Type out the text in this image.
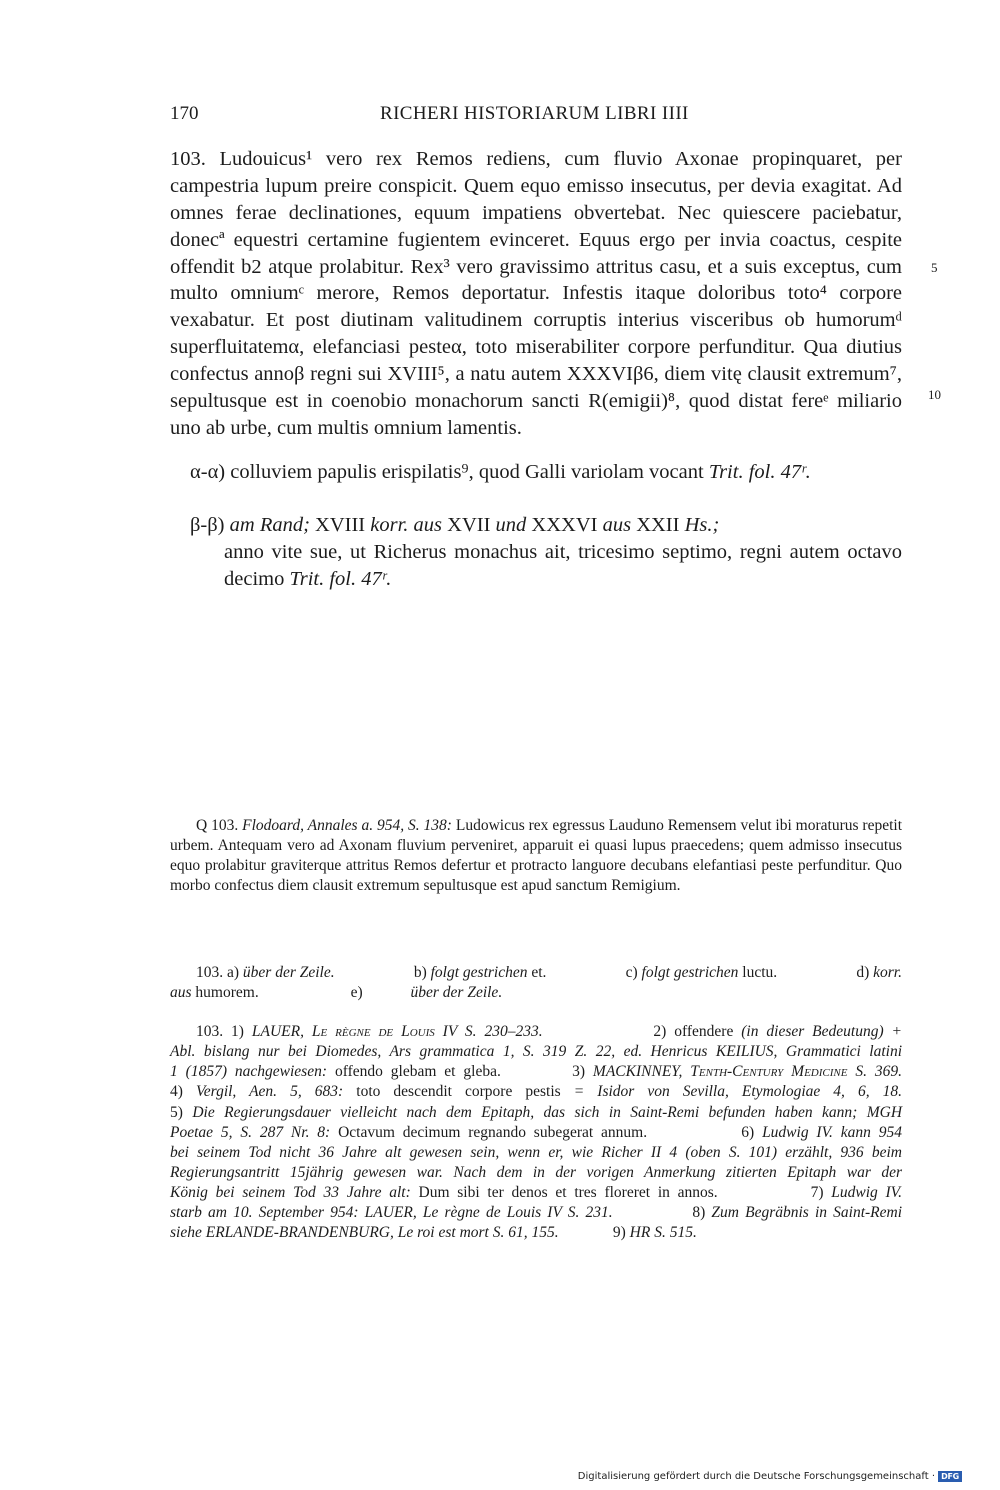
170	RICHERI HISTORIARUM LIBRI IIII
103. Ludouicus¹ vero rex Remos rediens, cum fluvio Axonae propinquaret, per
campestria lupum preire conspicit. Quem equo emisso insecutus, per devia exagitat. Ad
omnes ferae declinationes, equum impatiens obvertebat. Nec quiescere paciebatur,
donecª equestri certamine fugientem evinceret. Equus ergo per invia coactus, cespite
offendit b2 atque prolabitur. Rex³ vero gravissimo attritus casu, et a suis exceptus, cum
multo omniumᶜ merore, Remos deportatur. Infestis itaque doloribus toto⁴ corpore
vexabatur. Et post diutinam valitudinem corruptis interius visceribus ob humorumᵈ
superfluitatemα, elefanciasi pesteα, toto miserabiliter corpore perfunditur. Qua diutius
confectus annoβ regni sui XVIII⁵, a natu autem XXXVIβ6, diem vitę clausit extremum⁷,
sepultusque est in coenobio monachorum sancti R(emigii)⁸, quod distat fereᵉ miliario
uno ab urbe, cum multis omnium lamentis.
5
10
α-α) colluviem papulis erispilatis⁹, quod Galli variolam vocant Trit. fol. 47ʳ.
β-β) am Rand; XVIII korr. aus XVII und XXXVI aus XXII Hs.;
anno vite sue, ut Richerus monachus ait, tricesimo septimo, regni autem octavo decimo Trit. fol. 47ʳ.
Q 103. Flodoard, Annales a. 954, S. 138: Ludowicus rex egressus Lauduno Remensem velut ibi moraturus repetit urbem. Antequam vero ad Axonam fluvium perveniret, apparuit ei quasi lupus praecedens; quem admisso insecutus equo prolabitur graviterque attritus Remos defertur et protracto languore decubans elefantiasi peste perfunditur. Quo morbo confectus diem clausit extremum sepultusque est apud sanctum Remigium.
103. a) über der Zeile.	b) folgt gestrichen et.	c) folgt gestrichen luctu.	d) korr.
aus humorem.	e)	über der Zeile.
103. 1) LAUER, Le règne de Louis IV S. 230–233.	2) offendere (in dieser Bedeutung) +
Abl. bislang nur bei Diomedes, Ars grammatica 1, S. 319 Z. 22, ed. Henricus KEILIUS, Grammatici latini
1 (1857) nachgewiesen: offendo glebam et gleba.	3) MACKINNEY, Tenth-Century Medicine S. 369.
4) Vergil, Aen. 5, 683: toto descendit corpore pestis = Isidor von Sevilla, Etymologiae 4, 6, 18.
5) Die Regierungsdauer vielleicht nach dem Epitaph, das sich in Saint-Remi befunden haben kann; MGH
Poetae 5, S. 287 Nr. 8: Octavum decimum regnando subegerat annum.	6) Ludwig IV. kann 954
bei seinem Tod nicht 36 Jahre alt gewesen sein, wenn er, wie Richer II 4 (oben S. 101) erzählt, 936 beim
Regierungsantritt 15jährig gewesen war. Nach dem in der vorigen Anmerkung zitierten Epitaph war der
König bei seinem Tod 33 Jahre alt: Dum sibi ter denos et tres floreret in annos.	7) Ludwig IV.
starb am 10. September 954: LAUER, Le règne de Louis IV S. 231.	8) Zum Begräbnis in Saint-Remi
siehe ERLANDE-BRANDENBURG, Le roi est mort S. 61, 155.	9) HR S. 515.
Digitalisierung gefördert durch die Deutsche Forschungsgemeinschaft · DFG
